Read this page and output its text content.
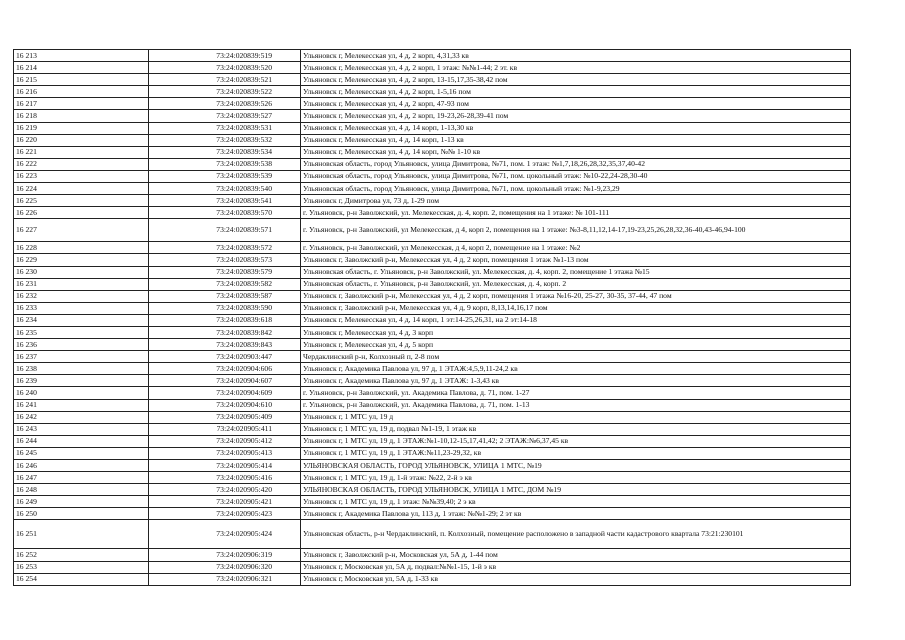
16 213	73:24:020839:519	Ульяновск г, Мелекесская ул, 4 д, 2 корп, 4,31,33 кв
16 214	73:24:020839:520	Ульяновск г, Мелекесская ул, 4 д, 2 корп, 1 этаж: №№1-44; 2 эт. кв
16 215	73:24:020839:521	Ульяновск г, Мелекесская ул, 4 д, 2 корп, 13-15,17,35-38,42 пом
16 216	73:24:020839:522	Ульяновск г, Мелекесская ул, 4 д, 2 корп, 1-5,16 пом
16 217	73:24:020839:526	Ульяновск г, Мелекесская ул, 4 д, 2 корп, 47-93 пом
16 218	73:24:020839:527	Ульяновск г, Мелекесская ул, 4 д, 2 корп, 19-23,26-28,39-41 пом
16 219	73:24:020839:531	Ульяновск г, Мелекесская ул, 4 д, 14 корп, 1-13,30 кв
16 220	73:24:020839:532	Ульяновск г, Мелекесская ул, 4 д, 14 корп, 1-13 кв
16 221	73:24:020839:534	Ульяновск г, Мелекесская ул, 4 д, 14 корп, №№ 1-10 кв
16 222	73:24:020839:538	Ульяновская область, город Ульяновск, улица Димитрова, №71, пом. 1 этаж: №1,7,18,26,28,32,35,37,40-42
16 223	73:24:020839:539	Ульяновская область, город Ульяновск, улица Димитрова, №71, пом. цокольный этаж: №10-22,24-28,30-40
16 224	73:24:020839:540	Ульяновская область, город Ульяновск, улица Димитрова, №71, пом. цокольный этаж: №1-9,23,29
16 225	73:24:020839:541	Ульяновск г, Димитрова ул, 73 д, 1-29 пом
16 226	73:24:020839:570	г. Ульяновск, р-н Заволжский, ул. Мелекесская, д. 4, корп. 2, помещения на 1 этаже: № 101-111
16 227	73:24:020839:571	г. Ульяновск, р-н Заволжский, ул Мелекесская, д 4, корп 2, помещения на 1 этаже: №3-8,11,12,14-17,19-23,25,26,28,32,36-40,43-46,94-100
16 228	73:24:020839:572	г. Ульяновск, р-н Заволжский, ул Мелекесская, д 4, корп 2, помещение на 1 этаже: №2
16 229	73:24:020839:573	Ульяновск г, Заволжский р-н, Мелекесская ул, 4 д, 2 корп, помещения 1 этаж №1-13 пом
16 230	73:24:020839:579	Ульяновская область, г. Ульяновск, р-н Заволжский, ул. Мелекесская, д. 4, корп. 2, помещение 1 этажа №15
16 231	73:24:020839:582	Ульяновская область, г. Ульяновск, р-н Заволжский, ул. Мелекесская, д. 4, корп. 2
16 232	73:24:020839:587	Ульяновск г, Заволжский р-н, Мелекесская ул, 4 д, 2 корп, помещения 1 этажа №16-20, 25-27, 30-35, 37-44, 47 пом
16 233	73:24:020839:590	Ульяновск г, Заволжский р-н, Мелекесская ул, 4 д, 9 корп, 8,13,14,16,17 пом
16 234	73:24:020839:618	Ульяновск г, Мелекесская ул, 4 д, 14 корп, 1 эт:14-25,26,31, на 2 эт:14-18
16 235	73:24:020839:842	Ульяновск г, Мелекесская ул, 4 д, 3 корп
16 236	73:24:020839:843	Ульяновск г, Мелекесская ул, 4 д, 5 корп
16 237	73:24:020903:447	Чердаклинский р-н, Колхозный п, 2-8 пом
16 238	73:24:020904:606	Ульяновск г, Академика Павлова ул, 97 д, 1 ЭТАЖ:4,5,9,11-24,2 кв
16 239	73:24:020904:607	Ульяновск г, Академика Павлова ул, 97 д, 1 ЭТАЖ: 1-3,43 кв
16 240	73:24:020904:609	г. Ульяновск, р-н Заволжский, ул. Академика Павлова, д. 71, пом. 1-27
16 241	73:24:020904:610	г. Ульяновск, р-н Заволжский, ул. Академика Павлова, д. 71, пом. 1-13
16 242	73:24:020905:409	Ульяновск г, 1 МТС ул, 19 д
16 243	73:24:020905:411	Ульяновск г, 1 МТС ул, 19 д, подвал №1-19, 1 этаж кв
16 244	73:24:020905:412	Ульяновск г, 1 МТС ул, 19 д, 1 ЭТАЖ:№1-10,12-15,17,41,42; 2 ЭТАЖ:№6,37,45 кв
16 245	73:24:020905:413	Ульяновск г, 1 МТС ул, 19 д, 1 ЭТАЖ:№11,23-29,32, кв
16 246	73:24:020905:414	УЛЬЯНОВСКАЯ ОБЛАСТЬ, ГОРОД УЛЬЯНОВСК, УЛИЦА 1 МТС, №19
16 247	73:24:020905:416	Ульяновск г, 1 МТС ул, 19 д, 1-й этаж: №22, 2-й э кв
16 248	73:24:020905:420	УЛЬЯНОВСКАЯ ОБЛАСТЬ, ГОРОД УЛЬЯНОВСК, УЛИЦА 1 МТС, ДОМ №19
16 249	73:24:020905:421	Ульяновск г, 1 МТС ул, 19 д, 1 этаж: №№39,40; 2 э кв
16 250	73:24:020905:423	Ульяновск г, Академика Павлова ул, 113 д, 1 этаж: №№1-29; 2 эт кв
16 251	73:24:020905:424	Ульяновская область, р-н Чердаклинский, п. Колхозный, помещение расположено в западной части кадастрового квартала 73:21:230101
16 252	73:24:020906:319	Ульяновск г, Заволжский р-н, Московская ул, 5А д, 1-44 пом
16 253	73:24:020906:320	Ульяновск г, Московская ул, 5А д, подвал:№№1-15, 1-й э кв
16 254	73:24:020906:321	Ульяновск г, Московская ул, 5А д, 1-33 кв
